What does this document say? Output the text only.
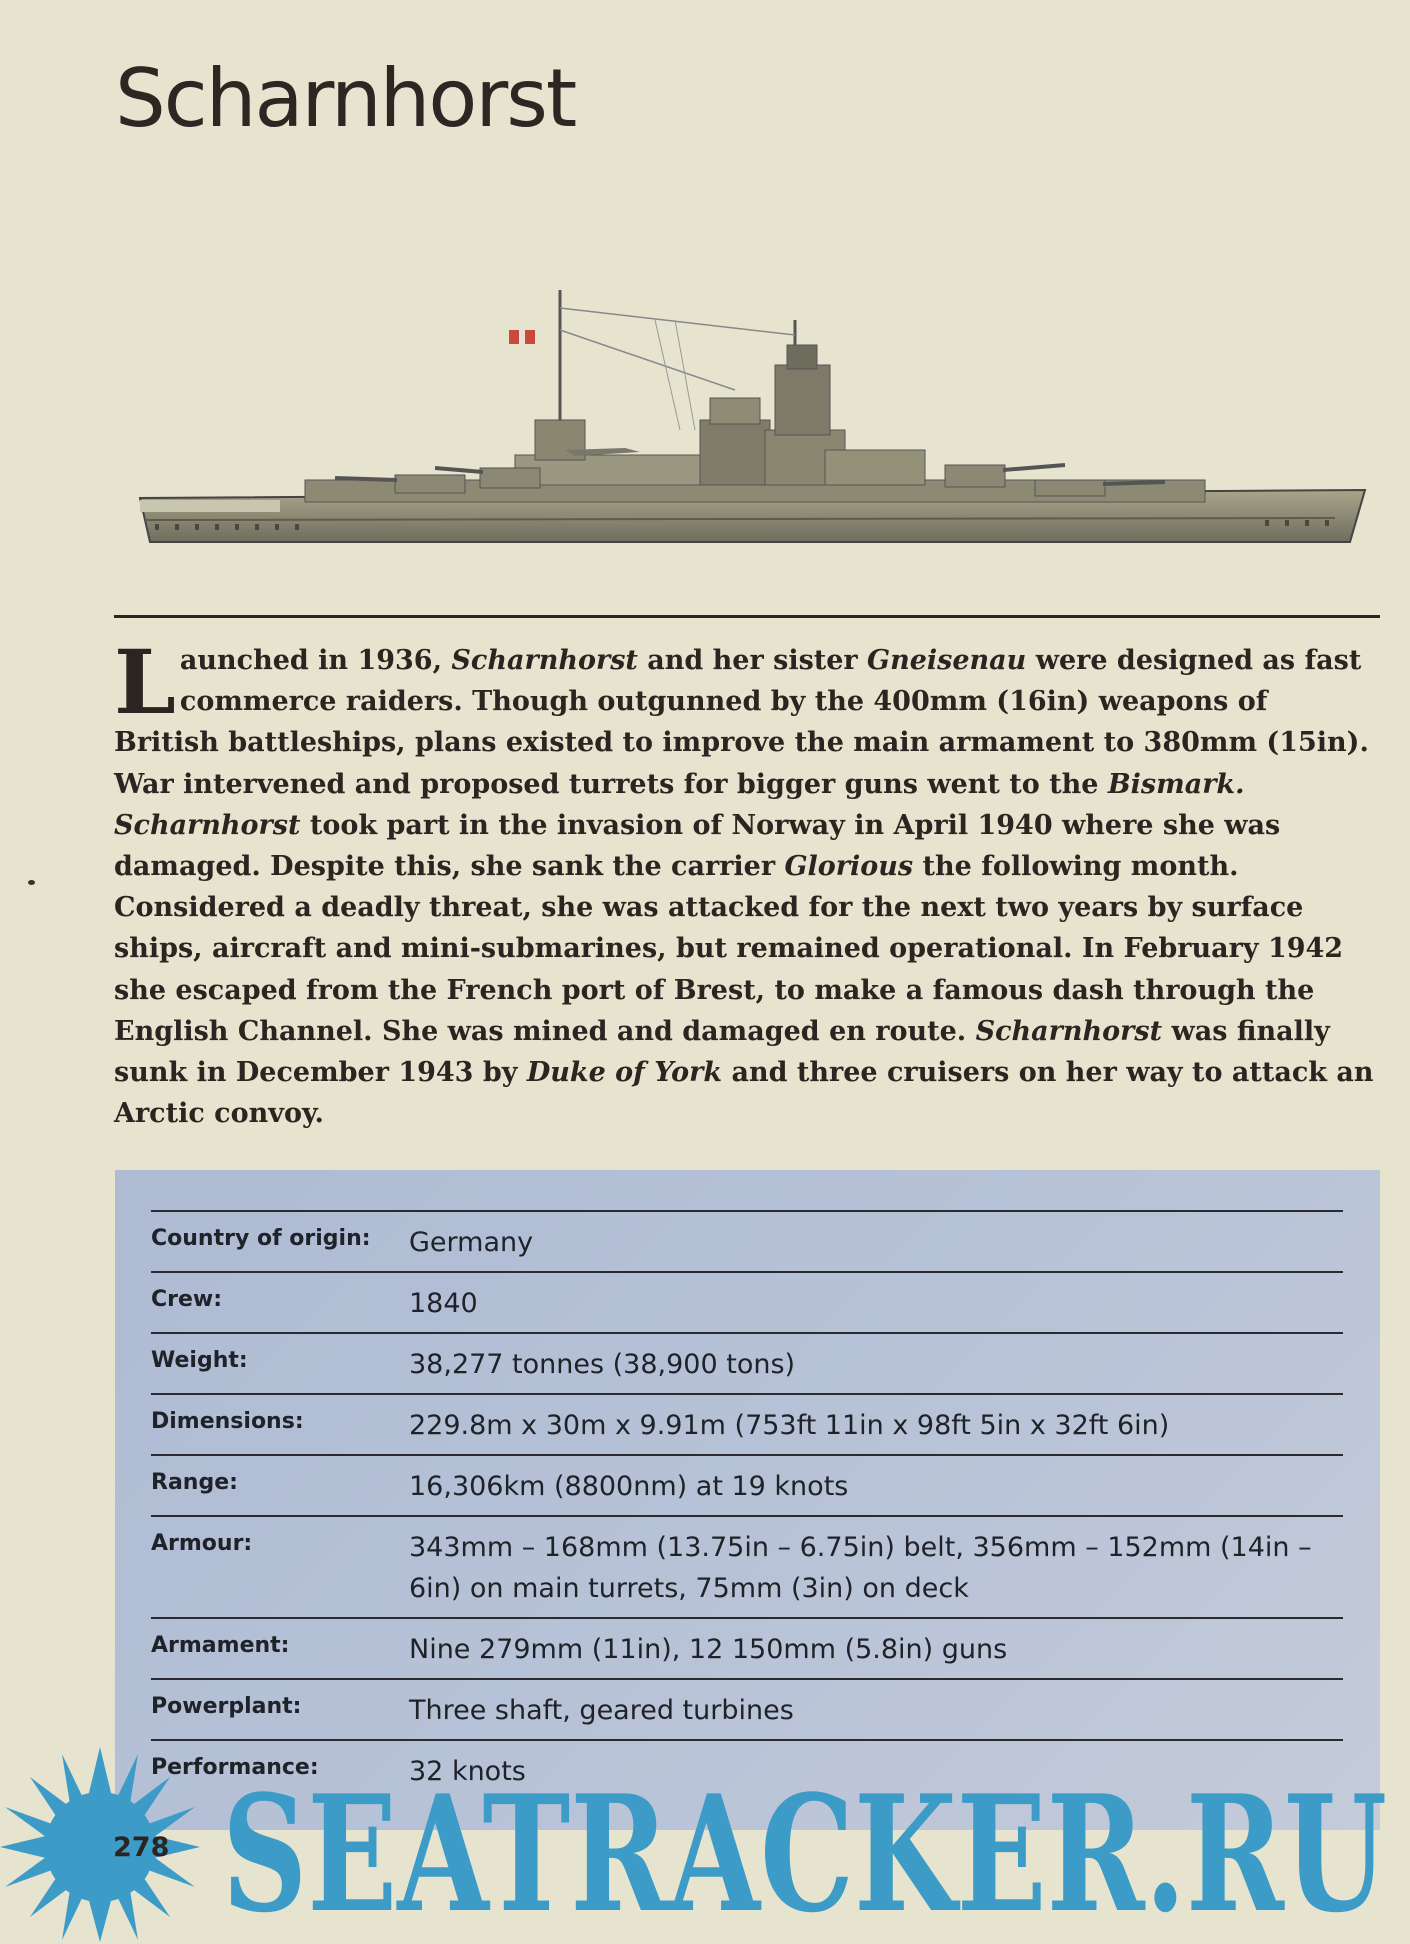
Scharnhorst

Launched in 1936, Scharnhorst and her sister Gneisenau were designed as fast commerce raiders. Though outgunned by the 400mm (16in) weapons of British battleships, plans existed to improve the main armament to 380mm (15in). War intervened and proposed turrets for bigger guns went to the Bismark. Scharnhorst took part in the invasion of Norway in April 1940 where she was damaged. Despite this, she sank the carrier Glorious the following month. Considered a deadly threat, she was attacked for the next two years by surface ships, aircraft and mini-submarines, but remained operational. In February 1942 she escaped from the French port of Brest, to make a famous dash through the English Channel. She was mined and damaged en route. Scharnhorst was finally sunk in December 1943 by Duke of York and three cruisers on her way to attack an Arctic convoy.

Country of origin:	Germany
Crew:	1840
Weight:	38,277 tonnes (38,900 tons)
Dimensions:	229.8m x 30m x 9.91m (753ft 11in x 98ft 5in x 32ft 6in)
Range:	16,306km (8800nm) at 19 knots
Armour:	343mm – 168mm (13.75in – 6.75in) belt, 356mm – 152mm (14in – 6in) on main turrets, 75mm (3in) on deck
Armament:	Nine 279mm (11in), 12 150mm (5.8in) guns
Powerplant:	Three shaft, geared turbines
Performance:	32 knots
278 SEATRACKER.RU
